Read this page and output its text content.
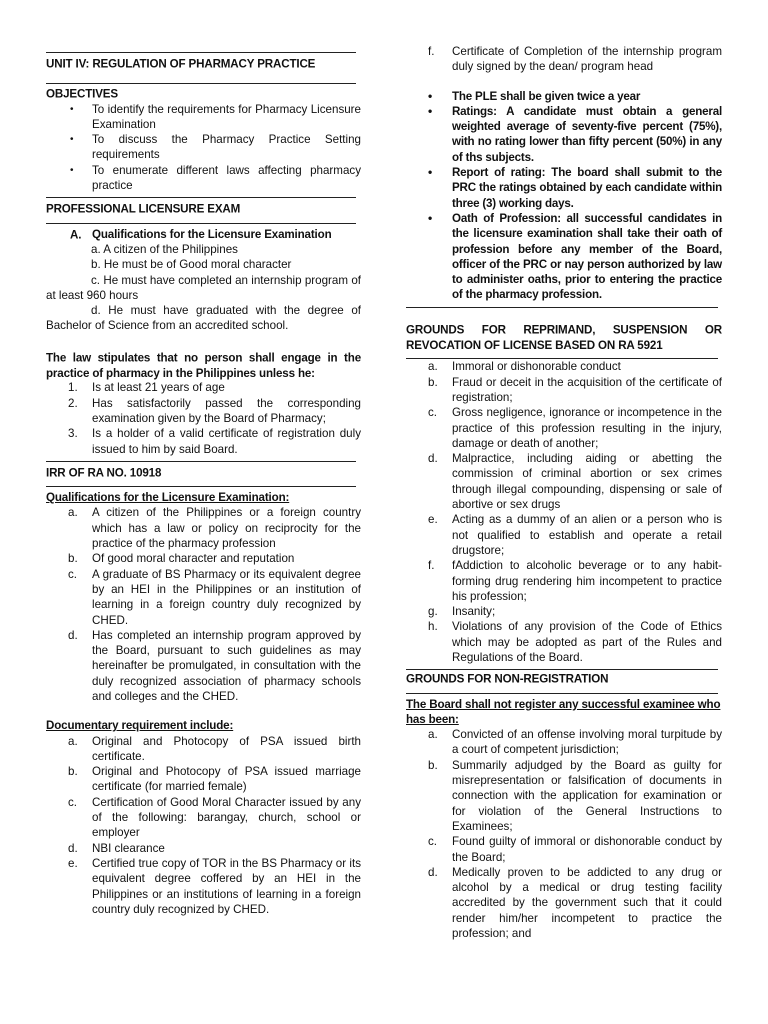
UNIT IV: REGULATION OF PHARMACY PRACTICE
OBJECTIVES
• To identify the requirements for Pharmacy Licensure Examination
• To discuss the Pharmacy Practice Setting requirements
• To enumerate different laws affecting pharmacy practice
PROFESSIONAL LICENSURE EXAM
A. Qualifications for the Licensure Examination
a. A citizen of the Philippines
b. He must be of Good moral character
c. He must have completed an internship program of at least 960 hours
d. He must have graduated with the degree of Bachelor of Science from an accredited school.
The law stipulates that no person shall engage in the practice of pharmacy in the Philippines unless he:
1.	Is at least 21 years of age
2.	Has satisfactorily passed the corresponding examination given by the Board of Pharmacy;
3.	Is a holder of a valid certificate of registration duly issued to him by said Board.
IRR OF RA NO. 10918
Qualifications for the Licensure Examination:
a.	A citizen of the Philippines or a foreign country which has a law or policy on reciprocity for the practice of the pharmacy profession
b.	Of good moral character and reputation
c.	A graduate of BS Pharmacy or its equivalent degree by an HEI in the Philippines or an institution of learning in a foreign country duly recognized by CHED.
d.	Has completed an internship program approved by the Board, pursuant to such guidelines as may hereinafter be promulgated, in consultation with the duly recognized association of pharmacy schools and colleges and the CHED.
Documentary requirement include:
a.	Original and Photocopy of PSA issued birth certificate.
b.	Original and Photocopy of PSA issued marriage certificate (for married female)
c.	Certification of Good Moral Character issued by any of the following: barangay, church, school or employer
d.	NBI clearance
e.	Certified true copy of TOR in the BS Pharmacy or its equivalent degree coffered by an HEI in the Philippines or an institutions of learning in a foreign country duly recognized by CHED.
f.	Certificate of Completion of the internship program duly signed by the dean/ program head
• The PLE shall be given twice a year
• Ratings: A candidate must obtain a general weighted average of seventy-five percent (75%), with no rating lower than fifty percent (50%) in any of ths subjects.
• Report of rating: The board shall submit to the PRC the ratings obtained by each candidate within three (3) working days.
• Oath of Profession: all successful candidates in the licensure examination shall take their oath of profession before any member of the Board, officer of the PRC or nay person authorized by law to administer oaths, prior to entering the practice of the pharmacy profession.
GROUNDS FOR REPRIMAND, SUSPENSION OR REVOCATION OF LICENSE BASED ON RA 5921
a.	Immoral or dishonorable conduct
b.	Fraud or deceit in the acquisition of the certificate of registration;
c.	Gross negligence, ignorance or incompetence in the practice of this profession resulting in the injury, damage or death of another;
d.	Malpractice, including aiding or abetting the commission of criminal abortion or sex crimes through illegal compounding, dispensing or sale of abortive or sex drugs
e.	Acting as a dummy of an alien or a person who is not qualified to establish and operate a retail drugstore;
f.	fAddiction to alcoholic beverage or to any habit-forming drug rendering him incompetent to practice his profession;
g.	Insanity;
h.	Violations of any provision of the Code of Ethics which may be adopted as part of the Rules and Regulations of the Board.
GROUNDS FOR NON-REGISTRATION
The Board shall not register any successful examinee who has been:
a.	Convicted of an offense involving moral turpitude by a court of competent jurisdiction;
b.	Summarily adjudged by the Board as guilty for misrepresentation or falsification of documents in connection with the application for examination or for violation of the General Instructions to Examinees;
c.	Found guilty of immoral or dishonorable conduct by the Board;
d.	Medically proven to be addicted to any drug or alcohol by a medical or drug testing facility accredited by the government such that it could render him/her incompetent to practice the profession; and
